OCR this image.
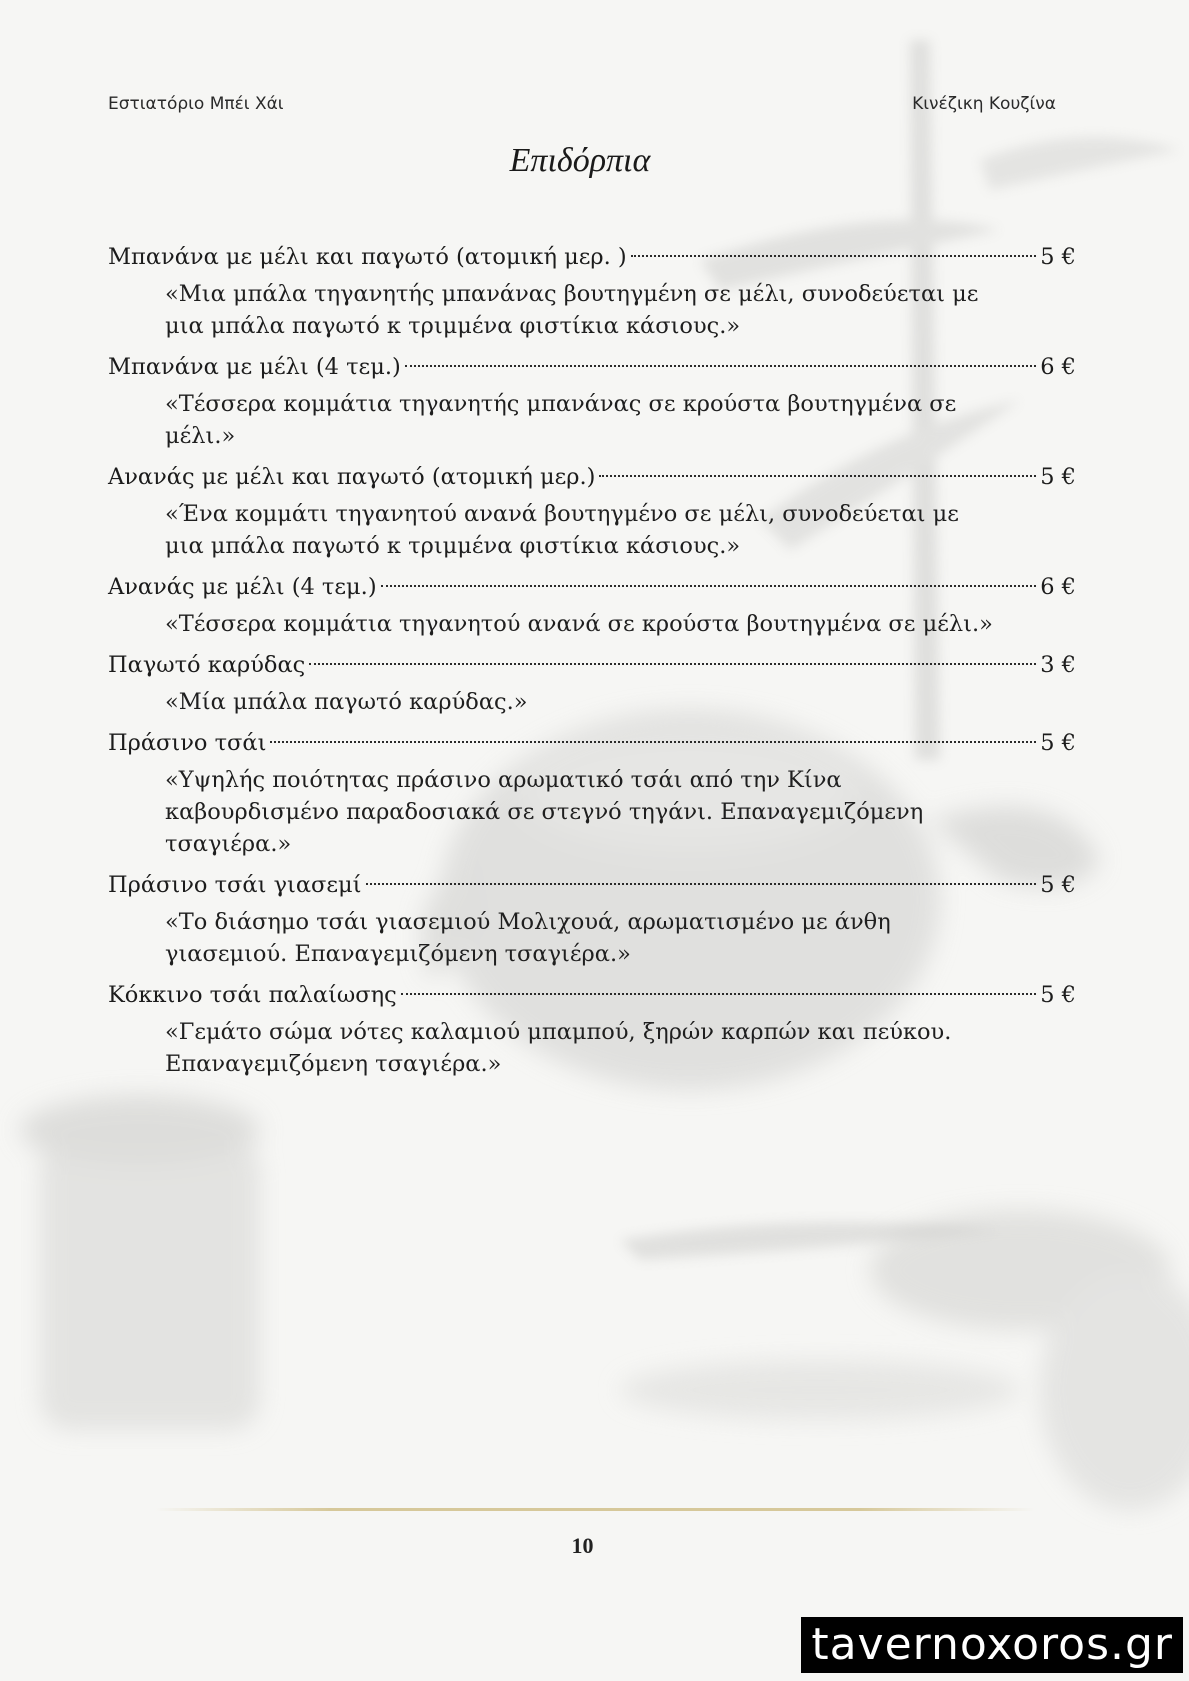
Εστιατόριο Μπέι Χάι	Κινέζικη Κουζίνα
Επιδόρπια
Μπανάνα με μέλι και παγωτό (ατομική μερ. )	5 €
«Μια μπάλα τηγανητής μπανάνας βουτηγμένη σε μέλι, συνοδεύεται με μια μπάλα παγωτό κ τριμμένα φιστίκια κάσιους.»
Μπανάνα με μέλι (4 τεμ.)	6 €
«Τέσσερα κομμάτια τηγανητής μπανάνας σε κρούστα βουτηγμένα σε μέλι.»
Ανανάς με μέλι και παγωτό (ατομική μερ.)	5 €
«Ένα κομμάτι τηγανητού ανανά βουτηγμένο σε μέλι, συνοδεύεται με μια μπάλα παγωτό κ τριμμένα φιστίκια κάσιους.»
Ανανάς με μέλι (4 τεμ.)	6 €
«Τέσσερα κομμάτια τηγανητού ανανά σε κρούστα βουτηγμένα σε μέλι.»
Παγωτό καρύδας	3 €
«Μία μπάλα παγωτό καρύδας.»
Πράσινο τσάι	5 €
«Υψηλής ποιότητας πράσινο αρωματικό τσάι από την Κίνα καβουρδισμένο παραδοσιακά σε στεγνό τηγάνι. Επαναγεμιζόμενη τσαγιέρα.»
Πράσινο τσάι γιασεμί	5 €
«Το διάσημο τσάι γιασεμιού Μολιχουά, αρωματισμένο με άνθη γιασεμιού. Επαναγεμιζόμενη τσαγιέρα.»
Κόκκινο τσάι παλαίωσης	5 €
«Γεμάτο σώμα νότες καλαμιού μπαμπού, ξηρών καρπών και πεύκου. Επαναγεμιζόμενη τσαγιέρα.»
10
tavernoxoros.gr
